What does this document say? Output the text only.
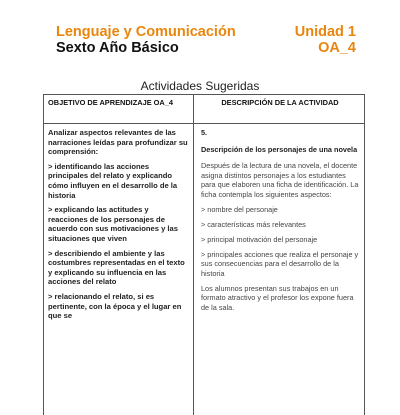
Lenguaje y Comunicación
Sexto Año Básico
Unidad 1
OA_4
Actividades Sugeridas
OBJETIVO DE APRENDIZAJE OA_4	DESCRIPCIÓN DE LA ACTIVIDAD

Analizar aspectos relevantes de las narraciones leídas para profundizar su comprensión:

> identificando las acciones principales del relato y explicando cómo influyen en el desarrollo de la historia

> explicando las actitudes y reacciones de los personajes de acuerdo con sus motivaciones y las situaciones que viven

> describiendo el ambiente y las costumbres representadas en el texto y explicando su influencia en las acciones del relato

> relacionando el relato, si es pertinente, con la época y el lugar en que se

5.

Descripción de los personajes de una novela

Después de la lectura de una novela, el docente asigna distintos personajes a los estudiantes para que elaboren una ficha de identificación. La ficha contempla los siguientes aspectos:

> nombre del personaje

> características más relevantes

> principal motivación del personaje

> principales acciones que realiza el personaje y sus consecuencias para el desarrollo de la historia

Los alumnos presentan sus trabajos en un formato atractivo y el profesor los expone fuera de la sala.
